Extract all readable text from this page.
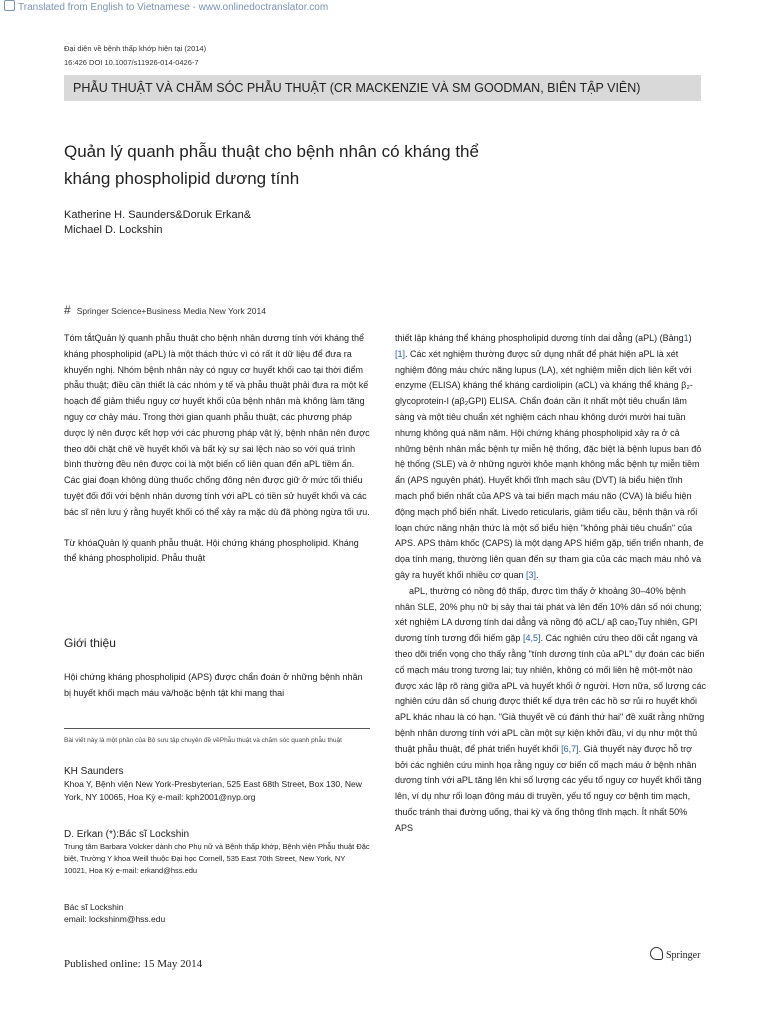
Translated from English to Vietnamese - www.onlinedoctranslator.com
Đại diện về bệnh thấp khớp hiện tại (2014)
16:426 DOI 10.1007/s11926-014-0426-7
PHẪU THUẬT VÀ CHĂM SÓC PHẪU THUẬT (CR MACKENZIE VÀ SM GOODMAN, BIÊN TẬP VIÊN)
Quản lý quanh phẫu thuật cho bệnh nhân có kháng thể
kháng phospholipid dương tính
Katherine H. Saunders&Doruk Erkan&
Michael D. Lockshin
# Springer Science+Business Media New York 2014

Tóm tắtQuản lý quanh phẫu thuật cho bệnh nhân dương tính với kháng thể kháng phospholipid (aPL) là một thách thức vì có rất ít dữ liệu để đưa ra khuyến nghị. Nhóm bệnh nhân này có nguy cơ huyết khối cao tại thời điểm phẫu thuật; điều cần thiết là các nhóm y tế và phẫu thuật phải đưa ra một kế hoạch để giảm thiểu nguy cơ huyết khối của bệnh nhân mà không làm tăng nguy cơ chảy máu. Trong thời gian quanh phẫu thuật, các phương pháp dược lý nên được kết hợp với các phương pháp vật lý, bệnh nhân nên được theo dõi chặt chẽ về huyết khối và bất kỳ sự sai lệch nào so với quá trình bình thường đều nên được coi là một biến cố liên quan đến aPL tiềm ẩn. Các giai đoạn không dùng thuốc chống đông nên được giữ ở mức tối thiểu tuyệt đối đối với bệnh nhân dương tính với aPL có tiền sử huyết khối và các bác sĩ nên lưu ý rằng huyết khối có thể xảy ra mặc dù đã phòng ngừa tối ưu.

Từ khóaQuản lý quanh phẫu thuật. Hội chứng kháng phospholipid. Kháng thể kháng phospholipid. Phẫu thuật

Giới thiệu
Hội chứng kháng phospholipid (APS) được chẩn đoán ở những bệnh nhân bị huyết khối mạch máu và/hoặc bệnh tật khi mang thai
Bài viết này là một phần của Bộ sưu tập chuyên đề vềPhẫu thuật và chăm sóc quanh phẫu thuật
KH Saunders
Khoa Y, Bệnh viện New York-Presbyterian, 525 East 68th Street, Box 130, New York, NY 10065, Hoa Kỳ e-mail: kph2001@nyp.org
D. Erkan (*):Bác sĩ Lockshin
Trung tâm Barbara Volcker dành cho Phụ nữ và Bệnh thấp khớp, Bệnh viện Phẫu thuật Đặc biệt, Trường Y khoa Weill thuộc Đại học Cornell, 535 East 70th Street, New York, NY 10021, Hoa Kỳ e-mail: erkand@hss.edu
Bác sĩ Lockshin
email: lockshinm@hss.edu
Published online: 15 May 2014
Springer

thiết lập kháng thể kháng phospholipid dương tính dai dẳng (aPL) (Bảng1) [1]. Các xét nghiệm thường được sử dụng nhất để phát hiện aPL là xét nghiệm đông máu chức năng lupus (LA), xét nghiệm miễn dịch liên kết với enzyme (ELISA) kháng thể kháng cardiolipin (aCL) và kháng thể kháng β₂-glycoprotein-I (aβ₂GPI) ELISA. Chẩn đoán cần ít nhất một tiêu chuẩn lâm sàng và một tiêu chuẩn xét nghiệm cách nhau không dưới mười hai tuần nhưng không quá năm năm. Hội chứng kháng phospholipid xảy ra ở cả những bệnh nhân mắc bệnh tự miễn hệ thống, đặc biệt là bệnh lupus ban đỏ hệ thống (SLE) và ở những người khỏe mạnh không mắc bệnh tự miễn tiềm ẩn (APS nguyên phát). Huyết khối tĩnh mạch sâu (DVT) là biểu hiện tĩnh mạch phổ biến nhất của APS và tai biến mạch máu não (CVA) là biểu hiện động mạch phổ biến nhất. Livedo reticularis, giảm tiểu cầu, bệnh thận và rối loạn chức năng nhận thức là một số biểu hiện "không phải tiêu chuẩn" của APS. APS thảm khốc (CAPS) là một dạng APS hiếm gặp, tiến triển nhanh, đe dọa tính mạng, thường liên quan đến sự tham gia của các mạch máu nhỏ và gây ra huyết khối nhiều cơ quan [3].

aPL, thường có nồng độ thấp, được tìm thấy ở khoảng 30–40% bệnh nhân SLE, 20% phụ nữ bị sảy thai tái phát và lên đến 10% dân số nói chung; xét nghiệm LA dương tính dai dẳng và nồng độ aCL/ aβ cao₂Tuy nhiên, GPI dương tính tương đối hiếm gặp [4,5]. Các nghiên cứu theo dõi cắt ngang và theo dõi triển vọng cho thấy rằng "tính dương tính của aPL" dự đoán các biến cố mạch máu trong tương lai; tuy nhiên, không có mối liên hệ một-một nào được xác lập rõ ràng giữa aPL và huyết khối ở người. Hơn nữa, số lượng các nghiên cứu dân số chung được thiết kế dựa trên các hồ sơ rủi ro huyết khối aPL khác nhau là có hạn. "Giả thuyết về cú đánh thứ hai" đề xuất rằng những bệnh nhân dương tính với aPL cần một sự kiện khởi đầu, ví dụ như một thủ thuật phẫu thuật, để phát triển huyết khối [6,7]. Giả thuyết này được hỗ trợ bởi các nghiên cứu minh họa rằng nguy cơ biến cố mạch máu ở bệnh nhân dương tính với aPL tăng lên khi số lượng các yếu tố nguy cơ huyết khối tăng lên, ví dụ như rối loạn đông máu di truyền, yếu tố nguy cơ bệnh tim mạch, thuốc tránh thai đường uống, thai kỳ và ống thông tĩnh mạch. Ít nhất 50% APS
